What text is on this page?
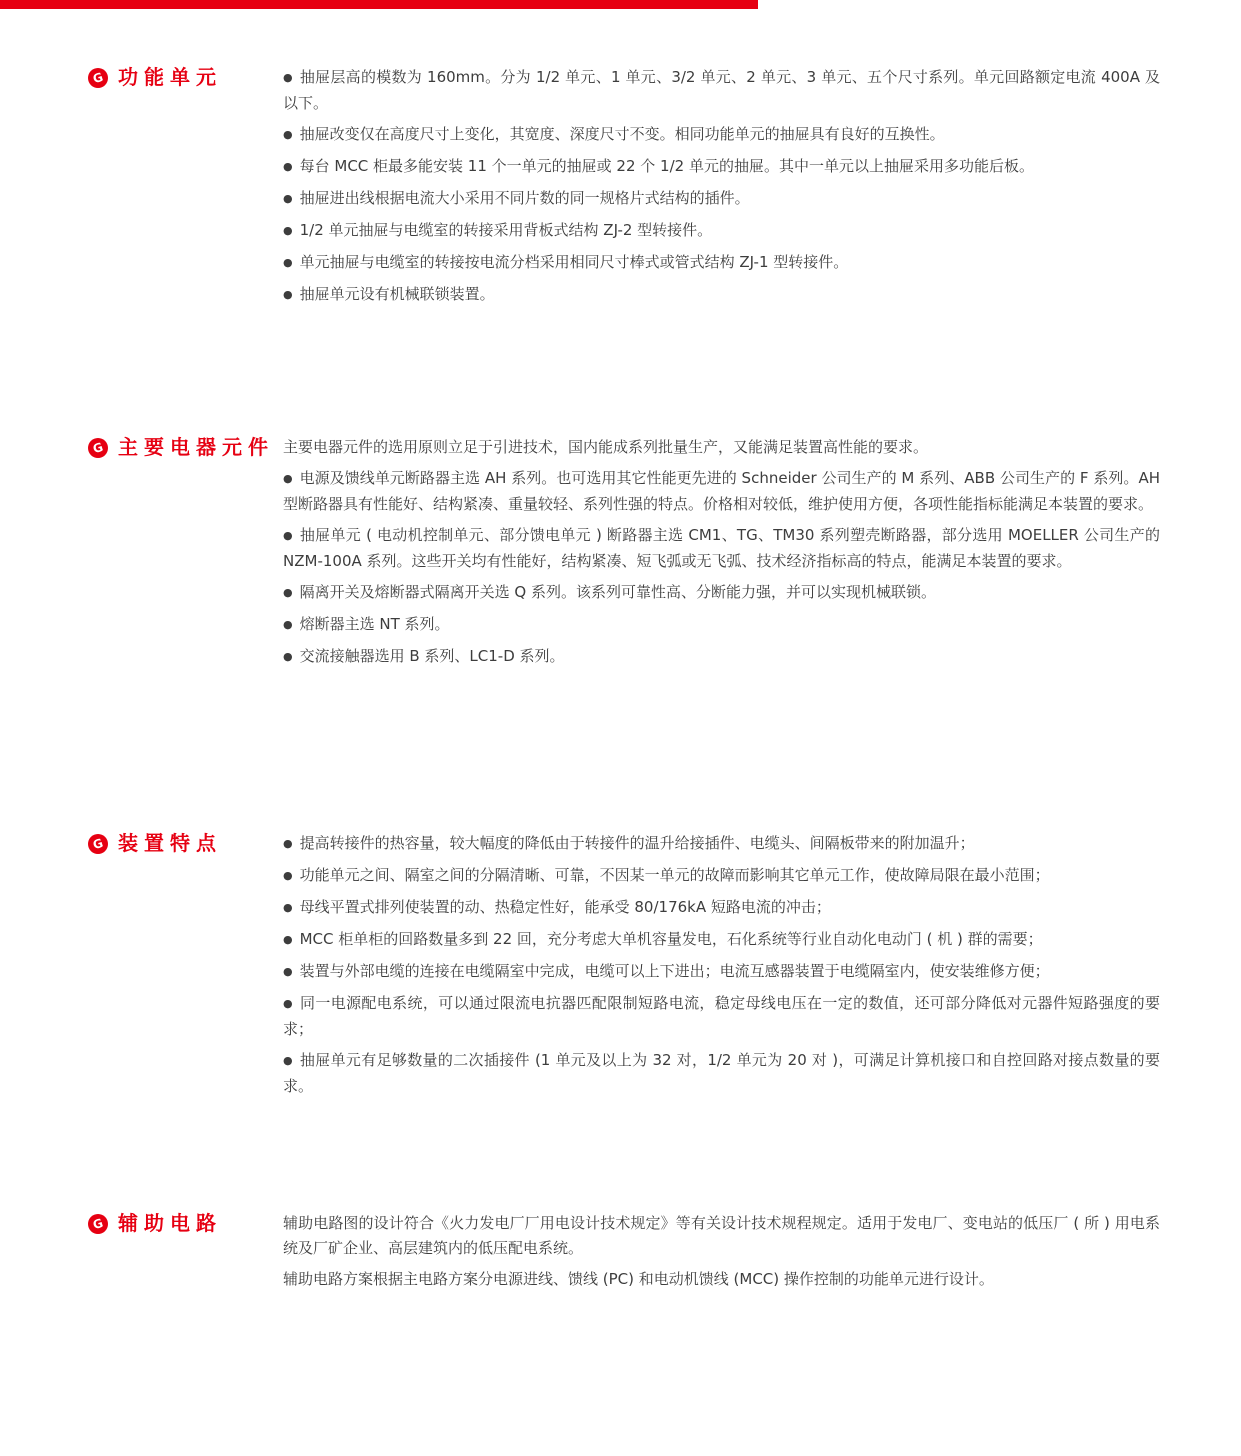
G 功能单元	● 抽屉层高的模数为 160mm。分为 1/2 单元、1 单元、3/2 单元、2 单元、3 单元、五个尺寸系列。单元回路额定电流 400A 及以下。

● 抽屉改变仅在高度尺寸上变化，其宽度、深度尺寸不变。相同功能单元的抽屉具有良好的互换性。

● 每台 MCC 柜最多能安装 11 个一单元的抽屉或 22 个 1/2 单元的抽屉。其中一单元以上抽屉采用多功能后板。

● 抽屉进出线根据电流大小采用不同片数的同一规格片式结构的插件。

● 1/2 单元抽屉与电缆室的转接采用背板式结构 ZJ-2 型转接件。

● 单元抽屉与电缆室的转接按电流分档采用相同尺寸棒式或管式结构 ZJ-1 型转接件。

● 抽屉单元设有机械联锁装置。

G 主要电器元件 主要电器元件的选用原则立足于引进技术，国内能成系列批量生产，又能满足装置高性能的要求。

● 电源及馈线单元断路器主选 AH 系列。也可选用其它性能更先进的 Schneider 公司生产的 M 系列、ABB 公司生产的 F 系列。AH 型断路器具有性能好、结构紧凑、重量较轻、系列性强的特点。价格相对较低，维护使用方便，各项性能指标能满足本装置的要求。

● 抽屉单元 ( 电动机控制单元、部分馈电单元 ) 断路器主选 CM1、TG、TM30 系列塑壳断路器，部分选用 MOELLER 公司生产的 NZM-100A 系列。这些开关均有性能好，结构紧凑、短飞弧或无飞弧、技术经济指标高的特点，能满足本装置的要求。

● 隔离开关及熔断器式隔离开关选 Q 系列。该系列可靠性高、分断能力强，并可以实现机械联锁。

● 熔断器主选 NT 系列。

● 交流接触器选用 B 系列、LC1-D 系列。

G 装置特点	● 提高转接件的热容量，较大幅度的降低由于转接件的温升给接插件、电缆头、间隔板带来的附加温升；

● 功能单元之间、隔室之间的分隔清晰、可靠，不因某一单元的故障而影响其它单元工作，使故障局限在最小范围；

● 母线平置式排列使装置的动、热稳定性好，能承受 80/176kA 短路电流的冲击；

● MCC 柜单柜的回路数量多到 22 回，充分考虑大单机容量发电，石化系统等行业自动化电动门 ( 机 ) 群的需要；

● 装置与外部电缆的连接在电缆隔室中完成，电缆可以上下进出；电流互感器装置于电缆隔室内，使安装维修方便；

● 同一电源配电系统，可以通过限流电抗器匹配限制短路电流，稳定母线电压在一定的数值，还可部分降低对元器件短路强度的要求；

● 抽屉单元有足够数量的二次插接件 (1 单元及以上为 32 对，1/2 单元为 20 对 )，可满足计算机接口和自控回路对接点数量的要求。

G 辅助电路	辅助电路图的设计符合《火力发电厂厂用电设计技术规定》等有关设计技术规程规定。适用于发电厂、变电站的低压厂 ( 所 ) 用电系统及厂矿企业、高层建筑内的低压配电系统。

辅助电路方案根据主电路方案分电源进线、馈线 (PC) 和电动机馈线 (MCC) 操作控制的功能单元进行设计。
